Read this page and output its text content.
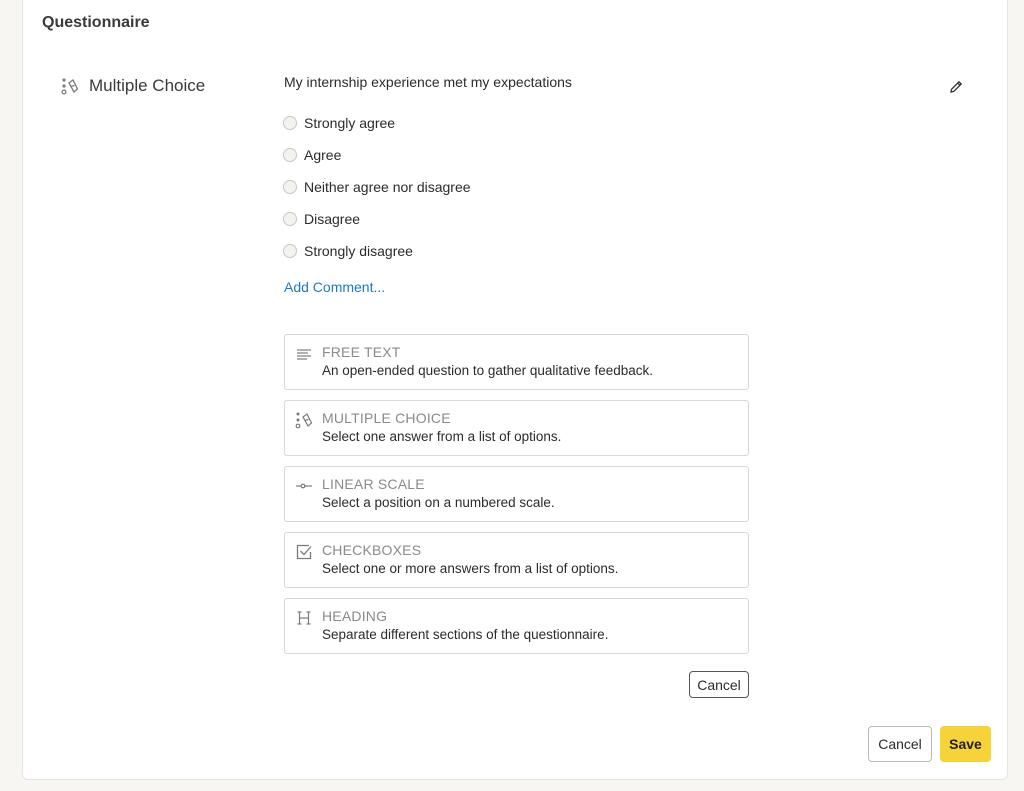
Questionnaire
Multiple Choice	My internship experience met my expectations
Strongly agree
Agree
Neither agree nor disagree
Disagree
Strongly disagree
Add Comment...
FREE TEXT
An open-ended question to gather qualitative feedback.
MULTIPLE CHOICE
Select one answer from a list of options.
LINEAR SCALE
Select a position on a numbered scale.
CHECKBOXES
Select one or more answers from a list of options.
HEADING
Separate different sections of the questionnaire.
Cancel
Cancel	Save
